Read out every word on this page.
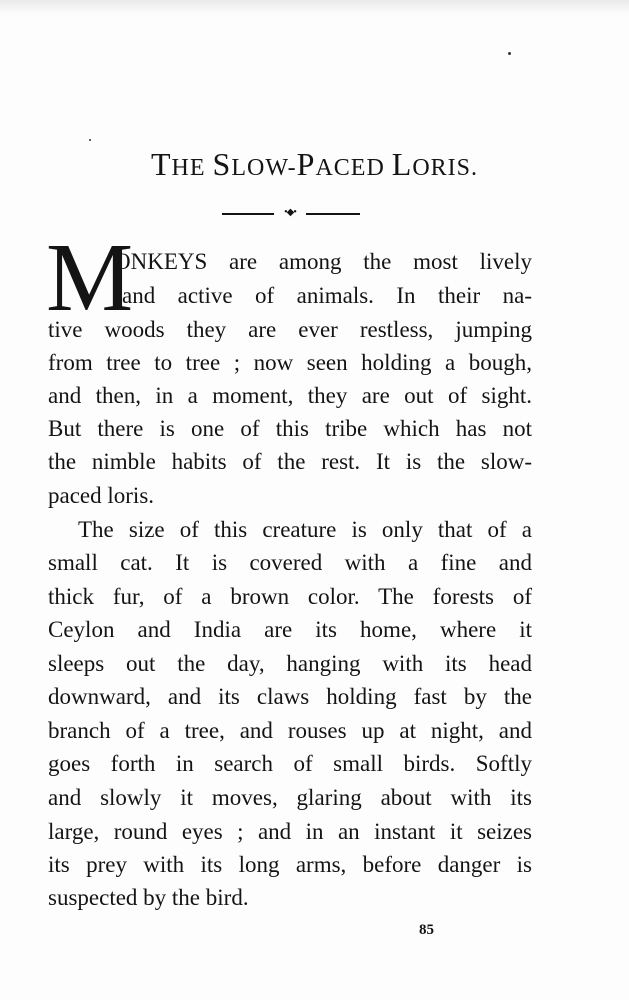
THE SLOW-PACED LORIS.
•◆•
M
ONKEYS are among the most lively
and active of animals. In their na-
tive woods they are ever restless, jumping
from tree to tree ; now seen holding a bough,
and then, in a moment, they are out of sight.
But there is one of this tribe which has not
the nimble habits of the rest. It is the slow-
paced loris.
The size of this creature is only that of a
small cat. It is covered with a fine and
thick fur, of a brown color. The forests of
Ceylon and India are its home, where it
sleeps out the day, hanging with its head
downward, and its claws holding fast by the
branch of a tree, and rouses up at night, and
goes forth in search of small birds. Softly
and slowly it moves, glaring about with its
large, round eyes ; and in an instant it seizes
its prey with its long arms, before danger is
suspected by the bird.
85
